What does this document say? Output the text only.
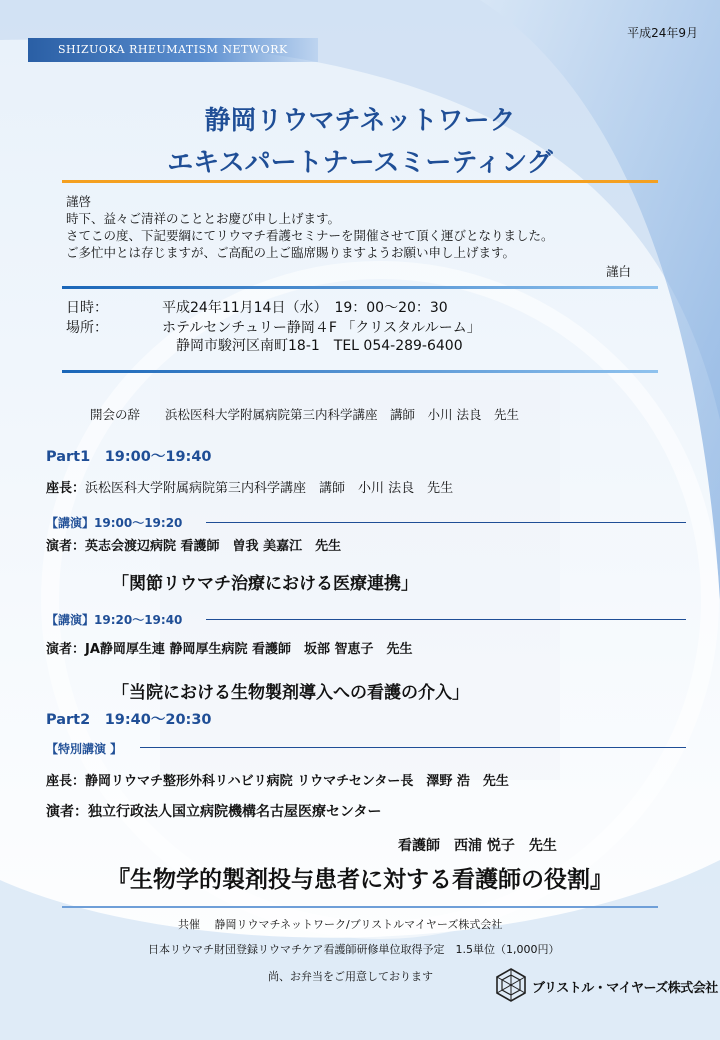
平成24年9月
SHIZUOKA RHEUMATISM NETWORK
静岡リウマチネットワーク
エキスパートナースミーティング
謹啓
時下、益々ご清祥のこととお慶び申し上げます。
さてこの度、下記要綱にてリウマチ看護セミナーを開催させて頂く運びとなりました。
ご多忙中とは存じますが、ご高配の上ご臨席賜りますようお願い申し上げます。
謹白
日時：	平成24年11月14日（水）　19：00〜20：30
場所：	ホテルセンチュリー静岡４F 「クリスタルルーム」
静岡市駿河区南町18-1　TEL 054-289-6400
開会の辞　　浜松医科大学附属病院第三内科学講座　講師　小川 法良　先生
Part1　19:00〜19:40
座長：浜松医科大学附属病院第三内科学講座　講師　小川 法良　先生
【講演】19:00〜19:20
演者：英志会渡辺病院 看護師　曽我 美嘉江　先生
「関節リウマチ治療における医療連携」
【講演】19:20〜19:40
演者：JA静岡厚生連 静岡厚生病院 看護師　坂部 智恵子　先生
「当院における生物製剤導入への看護の介入」
Part2　19:40〜20:30
【特別講演 】
座長：静岡リウマチ整形外科リハビリ病院 リウマチセンター長　澤野 浩　先生
演者：独立行政法人国立病院機構名古屋医療センター
看護師　西浦 悦子　先生
『生物学的製剤投与患者に対する看護師の役割』
共催　 静岡リウマチネットワーク/ブリストルマイヤーズ株式会社
日本リウマチ財団登録リウマチケア看護師研修単位取得予定　1.5単位（1,000円）
尚、お弁当をご用意しております
ブリストル・マイヤーズ株式会社
